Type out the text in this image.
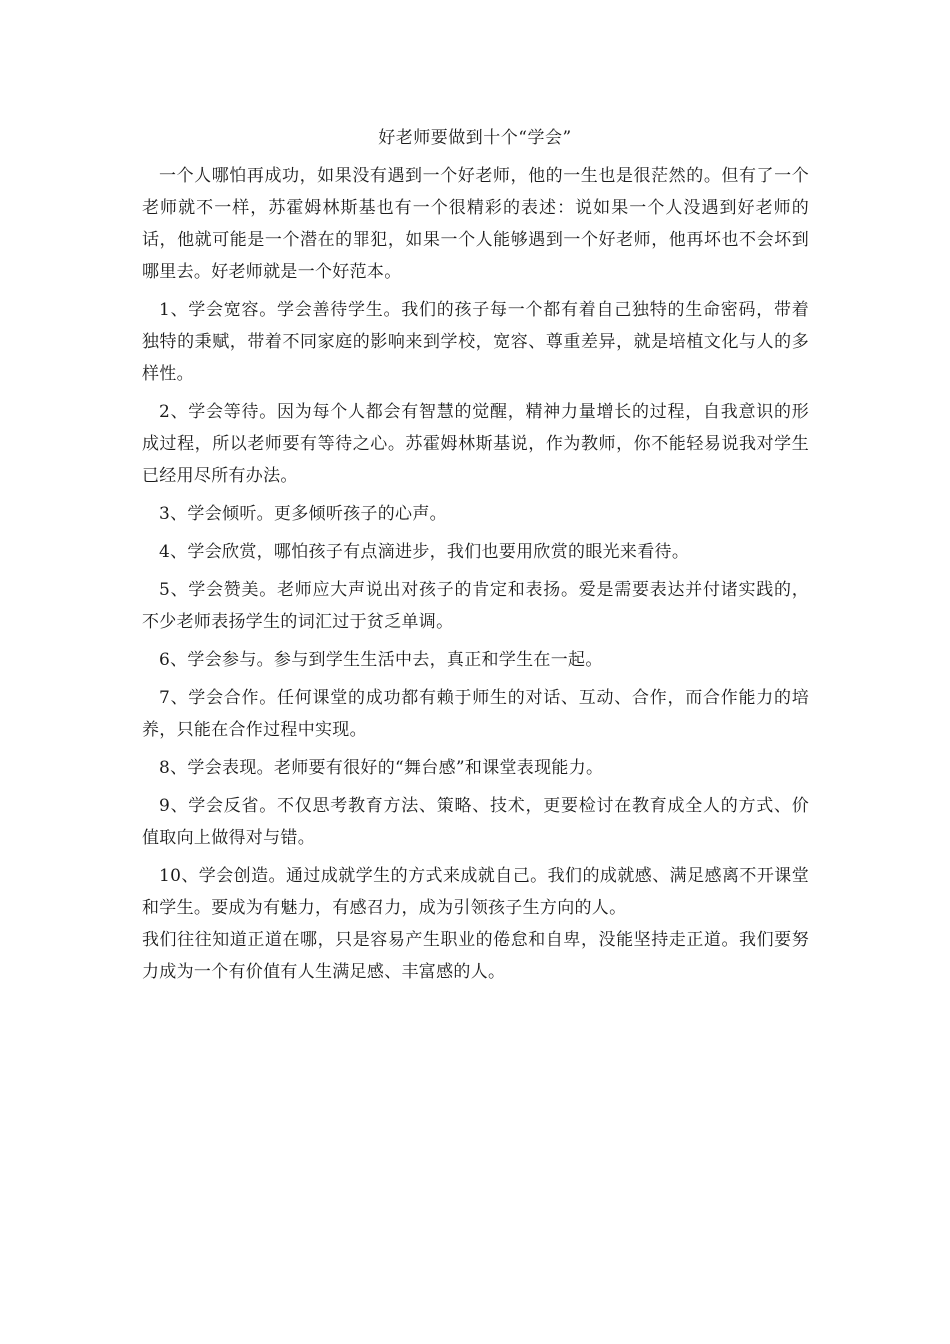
好老师要做到十个“学会”

一个人哪怕再成功，如果没有遇到一个好老师，他的一生也是很茫然的。但有了一个老师就不一样，苏霍姆林斯基也有一个很精彩的表述：说如果一个人没遇到好老师的话，他就可能是一个潜在的罪犯，如果一个人能够遇到一个好老师，他再坏也不会坏到哪里去。好老师就是一个好范本。

1、学会宽容。学会善待学生。我们的孩子每一个都有着自己独特的生命密码，带着独特的秉赋，带着不同家庭的影响来到学校，宽容、尊重差异，就是培植文化与人的多样性。

2、学会等待。因为每个人都会有智慧的觉醒，精神力量增长的过程，自我意识的形成过程，所以老师要有等待之心。苏霍姆林斯基说，作为教师，你不能轻易说我对学生已经用尽所有办法。

3、学会倾听。更多倾听孩子的心声。

4、学会欣赏，哪怕孩子有点滴进步，我们也要用欣赏的眼光来看待。

5、学会赞美。老师应大声说出对孩子的肯定和表扬。爱是需要表达并付诸实践的，不少老师表扬学生的词汇过于贫乏单调。

6、学会参与。参与到学生生活中去，真正和学生在一起。

7、学会合作。任何课堂的成功都有赖于师生的对话、互动、合作，而合作能力的培养，只能在合作过程中实现。

8、学会表现。老师要有很好的“舞台感”和课堂表现能力。

9、学会反省。不仅思考教育方法、策略、技术，更要检讨在教育成全人的方式、价值取向上做得对与错。

10、学会创造。通过成就学生的方式来成就自己。我们的成就感、满足感离不开课堂和学生。要成为有魅力，有感召力，成为引领孩子生方向的人。

我们往往知道正道在哪，只是容易产生职业的倦怠和自卑，没能坚持走正道。我们要努力成为一个有价值有人生满足感、丰富感的人。
